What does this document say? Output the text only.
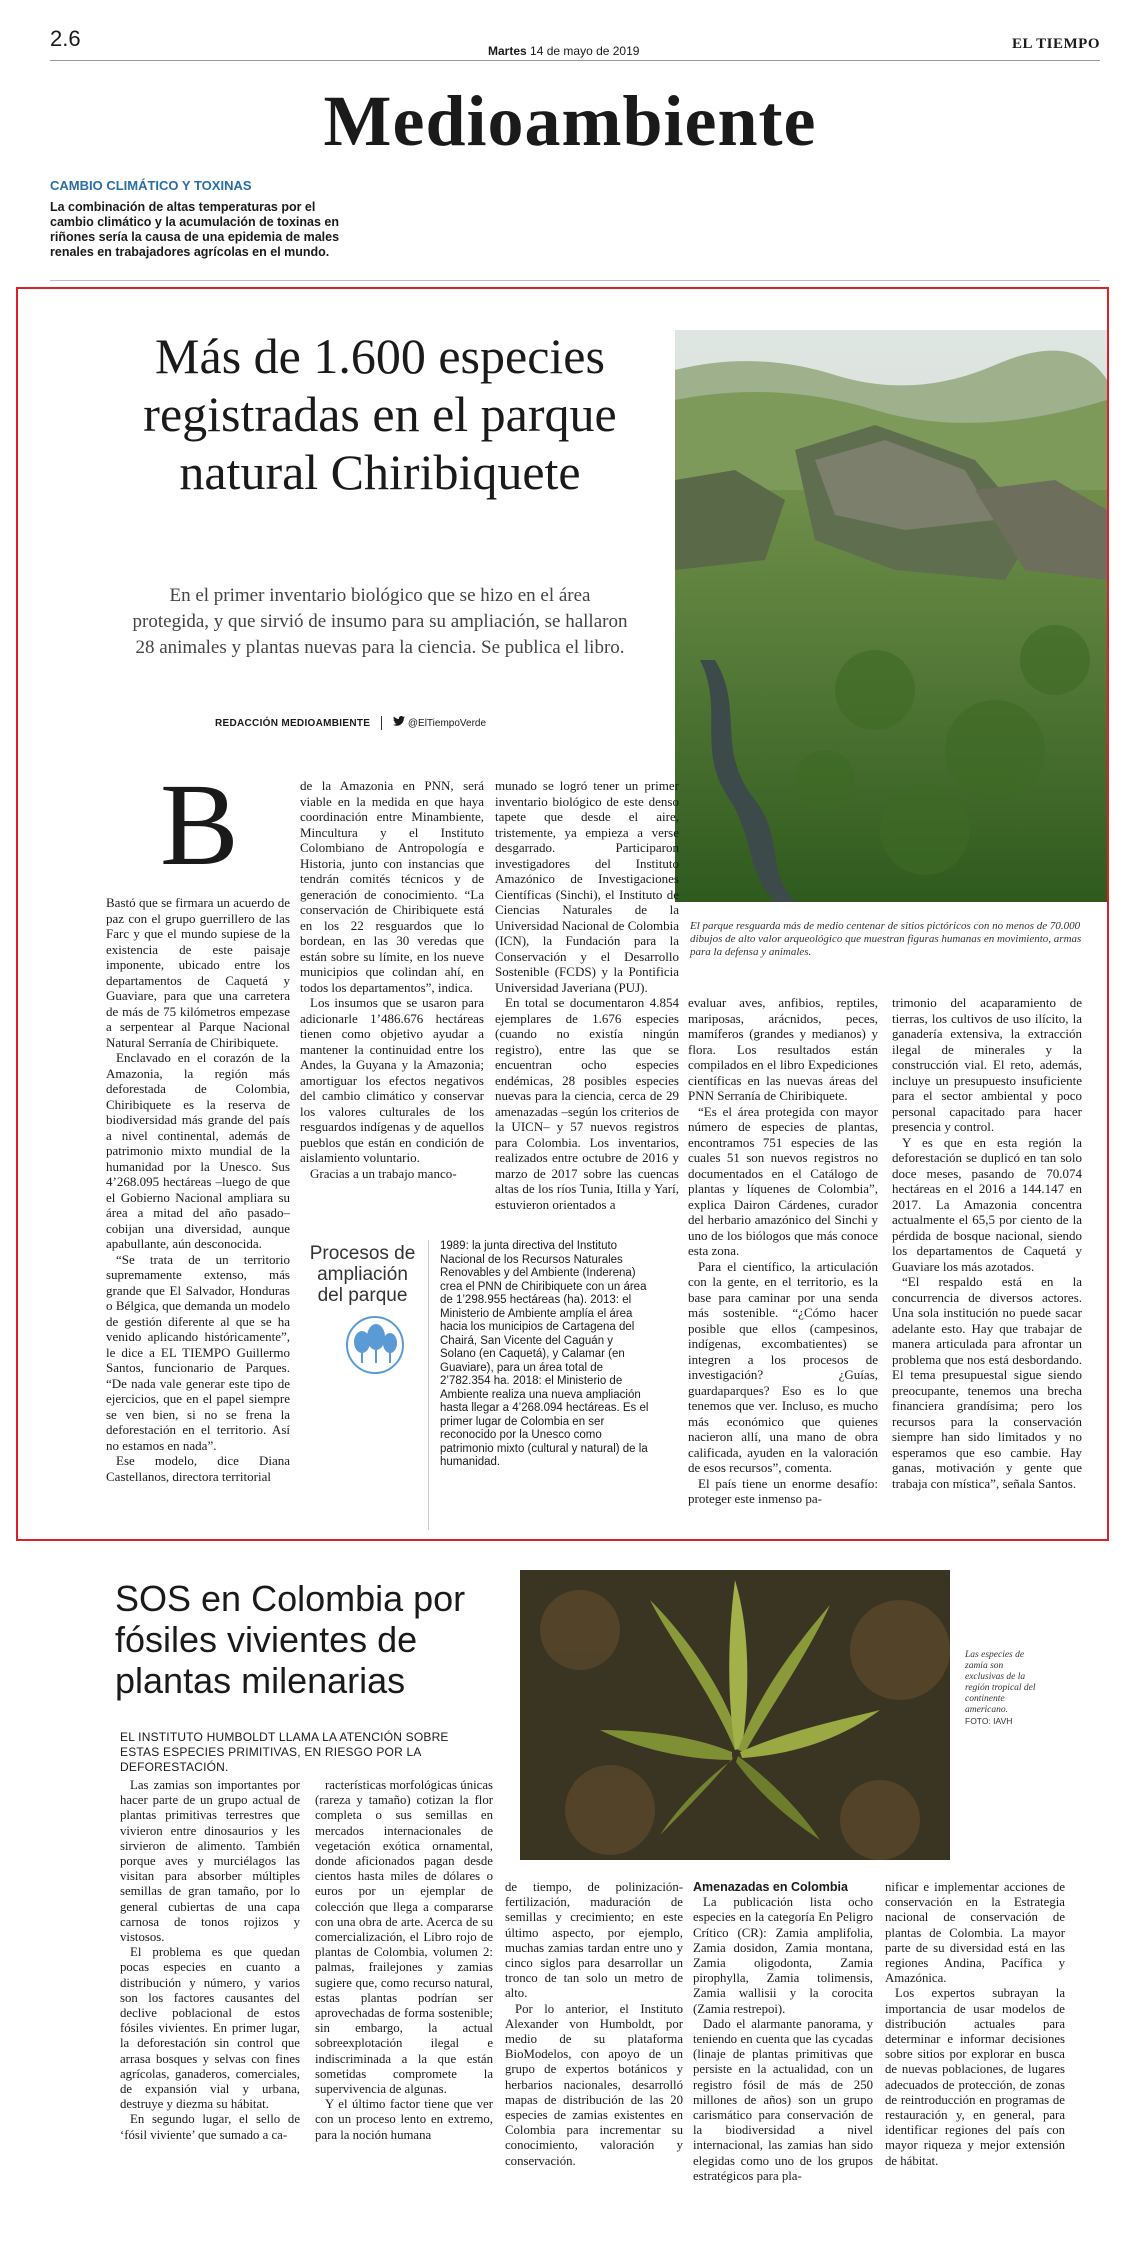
2.6	Martes 14 de mayo de 2019	EL TIEMPO
Medioambiente
CAMBIO CLIMÁTICO Y TOXINAS
La combinación de altas temperaturas por el cambio climático y la acumulación de toxinas en riñones sería la causa de una epidemia de males renales en trabajadores agrícolas en el mundo.
Más de 1.600 especies registradas en el parque natural Chiribiquete
En el primer inventario biológico que se hizo en el área protegida, y que sirvió de insumo para su ampliación, se hallaron 28 animales y plantas nuevas para la ciencia. Se publica el libro.
REDACCIÓN MEDIOAMBIENTE	@ElTiempoVerde
El parque resguarda más de medio centenar de sitios pictóricos con no menos de 70.000 dibujos de alto valor arqueológico que muestran figuras humanas en movimiento, armas para la defensa y animales.
B

Bastó que se firmara un acuerdo de paz con el grupo guerrillero de las Farc y que el mundo supiese de la existencia de este paisaje imponente, ubicado entre los departamentos de Caquetá y Guaviare, para que una carretera de más de 75 kilómetros empezase a serpentear al Parque Nacional Natural Serranía de Chiribiquete.

Enclavado en el corazón de la Amazonia, la región más deforestada de Colombia, Chiribiquete es la reserva de biodiversidad más grande del país a nivel continental, además de patrimonio mixto mundial de la humanidad por la Unesco. Sus 4’268.095 hectáreas –luego de que el Gobierno Nacional ampliara su área a mitad del año pasado– cobijan una diversidad, aunque apabullante, aún desconocida.

“Se trata de un territorio supremamente extenso, más grande que El Salvador, Honduras o Bélgica, que demanda un modelo de gestión diferente al que se ha venido aplicando históricamente”, le dice a EL TIEMPO Guillermo Santos, funcionario de Parques. “De nada vale generar este tipo de ejercicios, que en el papel siempre se ven bien, si no se frena la deforestación en el territorio. Así no estamos en nada”.

Ese modelo, dice Diana Castellanos, directora territorial

de la Amazonia en PNN, será viable en la medida en que haya coordinación entre Minambiente, Mincultura y el Instituto Colombiano de Antropología e Historia, junto con instancias que tendrán comités técnicos y de generación de conocimiento. “La conservación de Chiribiquete está en los 22 resguardos que lo bordean, en las 30 veredas que están sobre su límite, en los nueve municipios que colindan ahí, en todos los departamentos”, indica.

Los insumos que se usaron para adicionarle 1’486.676 hectáreas tienen como objetivo ayudar a mantener la continuidad entre los Andes, la Guyana y la Amazonia; amortiguar los efectos negativos del cambio climático y conservar los valores culturales de los resguardos indígenas y de aquellos pueblos que están en condición de aislamiento voluntario.

Gracias a un trabajo manco-

munado se logró tener un primer inventario biológico de este denso tapete que desde el aire, tristemente, ya empieza a verse desgarrado. Participaron investigadores del Instituto Amazónico de Investigaciones Científicas (Sinchi), el Instituto de Ciencias Naturales de la Universidad Nacional de Colombia (ICN), la Fundación para la Conservación y el Desarrollo Sostenible (FCDS) y la Pontificia Universidad Javeriana (PUJ).

En total se documentaron 4.854 ejemplares de 1.676 especies (cuando no existía ningún registro), entre las que se encuentran ocho especies endémicas, 28 posibles especies nuevas para la ciencia, cerca de 29 amenazadas –según los criterios de la UICN– y 57 nuevos registros para Colombia. Los inventarios, realizados entre octubre de 2016 y marzo de 2017 sobre las cuencas altas de los ríos Tunia, Itilla y Yarí, estuvieron orientados a

evaluar aves, anfibios, reptiles, mariposas, arácnidos, peces, mamíferos (grandes y medianos) y flora. Los resultados están compilados en el libro Expediciones científicas en las nuevas áreas del PNN Serranía de Chiribiquete.

“Es el área protegida con mayor número de especies de plantas, encontramos 751 especies de las cuales 51 son nuevos registros no documentados en el Catálogo de plantas y líquenes de Colombia”, explica Dairon Cárdenes, curador del herbario amazónico del Sinchi y uno de los biólogos que más conoce esta zona.

Para el científico, la articulación con la gente, en el territorio, es la base para caminar por una senda más sostenible. “¿Cómo hacer posible que ellos (campesinos, indígenas, excombatientes) se integren a los procesos de investigación? ¿Guías, guardaparques? Eso es lo que tenemos que ver. Incluso, es mucho más económico que quienes nacieron allí, una mano de obra calificada, ayuden en la valoración de esos recursos”, comenta.

El país tiene un enorme desafío: proteger este inmenso pa-

trimonio del acaparamiento de tierras, los cultivos de uso ilícito, la ganadería extensiva, la extracción ilegal de minerales y la construcción vial. El reto, además, incluye un presupuesto insuficiente para el sector ambiental y poco personal capacitado para hacer presencia y control.

Y es que en esta región la deforestación se duplicó en tan solo doce meses, pasando de 70.074 hectáreas en el 2016 a 144.147 en 2017. La Amazonia concentra actualmente el 65,5 por ciento de la pérdida de bosque nacional, siendo los departamentos de Caquetá y Guaviare los más azotados.

“El respaldo está en la concurrencia de diversos actores. Una sola institución no puede sacar adelante esto. Hay que trabajar de manera articulada para afrontar un problema que nos está desbordando. El tema presupuestal sigue siendo preocupante, tenemos una brecha financiera grandísima; pero los recursos para la conservación siempre han sido limitados y no esperamos que eso cambie. Hay ganas, motivación y gente que trabaja con mística”, señala Santos.

Procesos de ampliación del parque
1989: la junta directiva del Instituto Nacional de los Recursos Naturales Renovables y del Ambiente (Inderena) crea el PNN de Chiribiquete con un área de 1’298.955 hectáreas (ha). 2013: el Ministerio de Ambiente amplía el área hacia los municipios de Cartagena del Chairá, San Vicente del Caguán y Solano (en Caquetá), y Calamar (en Guaviare), para un área total de 2’782.354 ha. 2018: el Ministerio de Ambiente realiza una nueva ampliación hasta llegar a 4’268.094 hectáreas. Es el primer lugar de Colombia en ser reconocido por la Unesco como patrimonio mixto (cultural y natural) de la humanidad.
SOS en Colombia por fósiles vivientes de plantas milenarias
EL INSTITUTO HUMBOLDT LLAMA LA ATENCIÓN SOBRE ESTAS ESPECIES PRIMITIVAS, EN RIESGO POR LA DEFORESTACIÓN.
Las especies de zamia son exclusivas de la región tropical del continente americano.
FOTO: IAVH

Las zamias son importantes por hacer parte de un grupo actual de plantas primitivas terrestres que vivieron entre dinosaurios y les sirvieron de alimento. También porque aves y murciélagos las visitan para absorber múltiples semillas de gran tamaño, por lo general cubiertas de una capa carnosa de tonos rojizos y vistosos.

El problema es que quedan pocas especies en cuanto a distribución y número, y varios son los factores causantes del declive poblacional de estos fósiles vivientes. En primer lugar, la deforestación sin control que arrasa bosques y selvas con fines agrícolas, ganaderos, comerciales, de expansión vial y urbana, destruye y diezma su hábitat.

En segundo lugar, el sello de ‘fósil viviente’ que sumado a ca-

racterísticas morfológicas únicas (rareza y tamaño) cotizan la flor completa o sus semillas en mercados internacionales de vegetación exótica ornamental, donde aficionados pagan desde cientos hasta miles de dólares o euros por un ejemplar de colección que llega a compararse con una obra de arte. Acerca de su comercialización, el Libro rojo de plantas de Colombia, volumen 2: palmas, frailejones y zamias sugiere que, como recurso natural, estas plantas podrían ser aprovechadas de forma sostenible; sin embargo, la actual sobreexplotación ilegal e indiscriminada a la que están sometidas compromete la supervivencia de algunas.

Y el último factor tiene que ver con un proceso lento en extremo, para la noción humana

de tiempo, de polinización-fertilización, maduración de semillas y crecimiento; en este último aspecto, por ejemplo, muchas zamias tardan entre uno y cinco siglos para desarrollar un tronco de tan solo un metro de alto.

Por lo anterior, el Instituto Alexander von Humboldt, por medio de su plataforma BioModelos, con apoyo de un grupo de expertos botánicos y herbarios nacionales, desarrolló mapas de distribución de las 20 especies de zamias existentes en Colombia para incrementar su conocimiento, valoración y conservación.

Amenazadas en Colombia

La publicación lista ocho especies en la categoría En Peligro Crítico (CR): Zamia amplifolia, Zamia dosidon, Zamia montana, Zamia oligodonta, Zamia pirophylla, Zamia tolimensis, Zamia wallisii y la corocita (Zamia restrepoi).

Dado el alarmante panorama, y teniendo en cuenta que las cycadas (linaje de plantas primitivas que persiste en la actualidad, con un registro fósil de más de 250 millones de años) son un grupo carismático para conservación de la biodiversidad a nivel internacional, las zamias han sido elegidas como uno de los grupos estratégicos para pla-

nificar e implementar acciones de conservación en la Estrategia nacional de conservación de plantas de Colombia. La mayor parte de su diversidad está en las regiones Andina, Pacífica y Amazónica.

Los expertos subrayan la importancia de usar modelos de distribución actuales para determinar e informar decisiones sobre sitios por explorar en busca de nuevas poblaciones, de lugares adecuados de protección, de zonas de reintroducción en programas de restauración y, en general, para identificar regiones del país con mayor riqueza y mejor extensión de hábitat.
